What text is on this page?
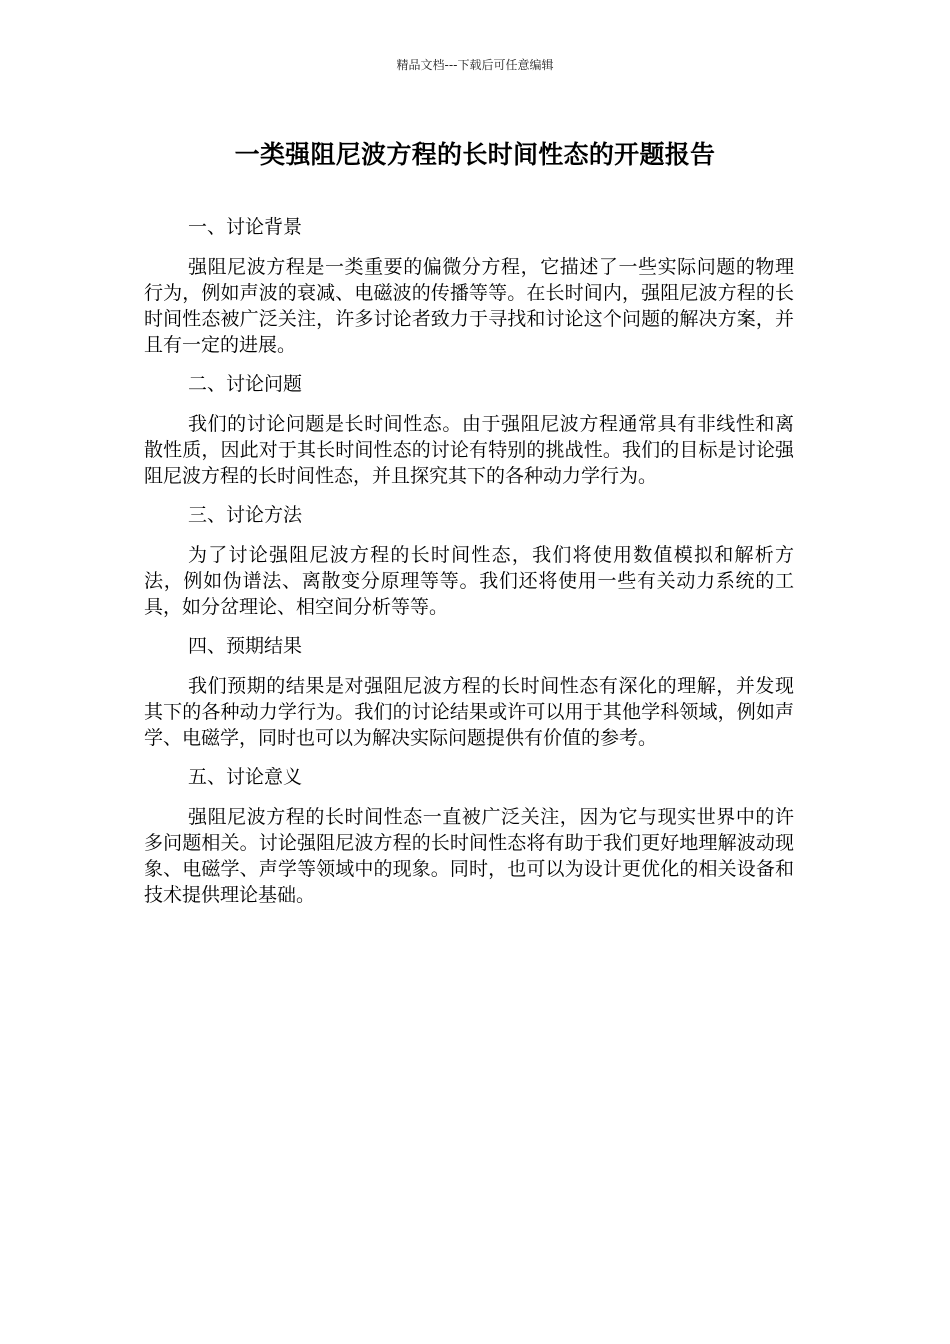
精品文档---下载后可任意编辑
一类强阻尼波方程的长时间性态的开题报告
一、讨论背景

强阻尼波方程是一类重要的偏微分方程，它描述了一些实际问题的物理行为，例如声波的衰减、电磁波的传播等等。在长时间内，强阻尼波方程的长时间性态被广泛关注，许多讨论者致力于寻找和讨论这个问题的解决方案，并且有一定的进展。

二、讨论问题

我们的讨论问题是长时间性态。由于强阻尼波方程通常具有非线性和离散性质，因此对于其长时间性态的讨论有特别的挑战性。我们的目标是讨论强阻尼波方程的长时间性态，并且探究其下的各种动力学行为。

三、讨论方法

为了讨论强阻尼波方程的长时间性态，我们将使用数值模拟和解析方法，例如伪谱法、离散变分原理等等。我们还将使用一些有关动力系统的工具，如分岔理论、相空间分析等等。

四、预期结果

我们预期的结果是对强阻尼波方程的长时间性态有深化的理解，并发现其下的各种动力学行为。我们的讨论结果或许可以用于其他学科领域，例如声学、电磁学，同时也可以为解决实际问题提供有价值的参考。

五、讨论意义

强阻尼波方程的长时间性态一直被广泛关注，因为它与现实世界中的许多问题相关。讨论强阻尼波方程的长时间性态将有助于我们更好地理解波动现象、电磁学、声学等领域中的现象。同时，也可以为设计更优化的相关设备和技术提供理论基础。
